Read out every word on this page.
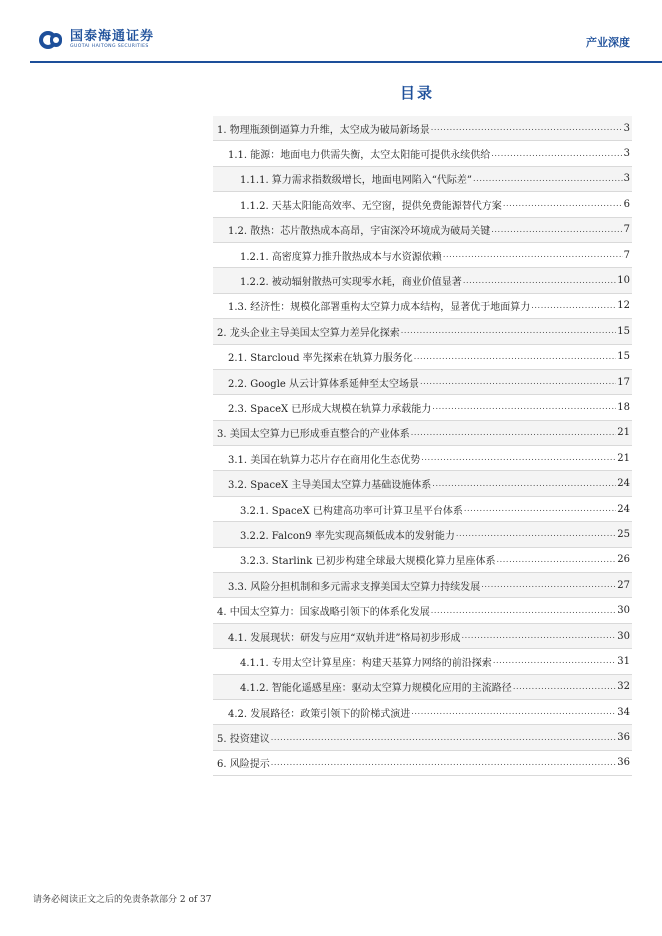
国泰海通证券
GUOTAI HAITONG SECURITIES	产业深度
目录
1. 物理瓶颈倒逼算力升维，太空成为破局新场景 .....	3
1.1. 能源：地面电力供需失衡，太空太阳能可提供永续供给 .....	3
1.1.1. 算力需求指数级增长，地面电网陷入“代际差” .....	3
1.1.2. 天基太阳能高效率、无空窗，提供免费能源替代方案 .....	6
1.2. 散热：芯片散热成本高昂，宇宙深冷环境成为破局关键 .....	7
1.2.1. 高密度算力推升散热成本与水资源依赖 .....	7
1.2.2. 被动辐射散热可实现零水耗，商业价值显著 .....	10
1.3. 经济性：规模化部署重构太空算力成本结构，显著优于地面算力 .....	12
2. 龙头企业主导美国太空算力差异化探索 .....	15
2.1. Starcloud 率先探索在轨算力服务化 .....	15
2.2. Google 从云计算体系延伸至太空场景 .....	17
2.3. SpaceX 已形成大规模在轨算力承载能力 .....	18
3. 美国太空算力已形成垂直整合的产业体系 .....	21
3.1. 美国在轨算力芯片存在商用化生态优势 .....	21
3.2. SpaceX 主导美国太空算力基础设施体系 .....	24
3.2.1. SpaceX 已构建高功率可计算卫星平台体系 .....	24
3.2.2. Falcon9 率先实现高频低成本的发射能力 .....	25
3.2.3. Starlink 已初步构建全球最大规模化算力星座体系 .....	26
3.3. 风险分担机制和多元需求支撑美国太空算力持续发展 .....	27
4. 中国太空算力：国家战略引领下的体系化发展 .....	30
4.1. 发展现状：研发与应用“双轨并进”格局初步形成 .....	30
4.1.1. 专用太空计算星座：构建天基算力网络的前沿探索 .....	31
4.1.2. 智能化遥感星座：驱动太空算力规模化应用的主流路径 .....	32
4.2. 发展路径：政策引领下的阶梯式演进 .....	34
5. 投资建议 .....	36
6. 风险提示 .....	36
请务必阅读正文之后的免责条款部分 2 of 37
